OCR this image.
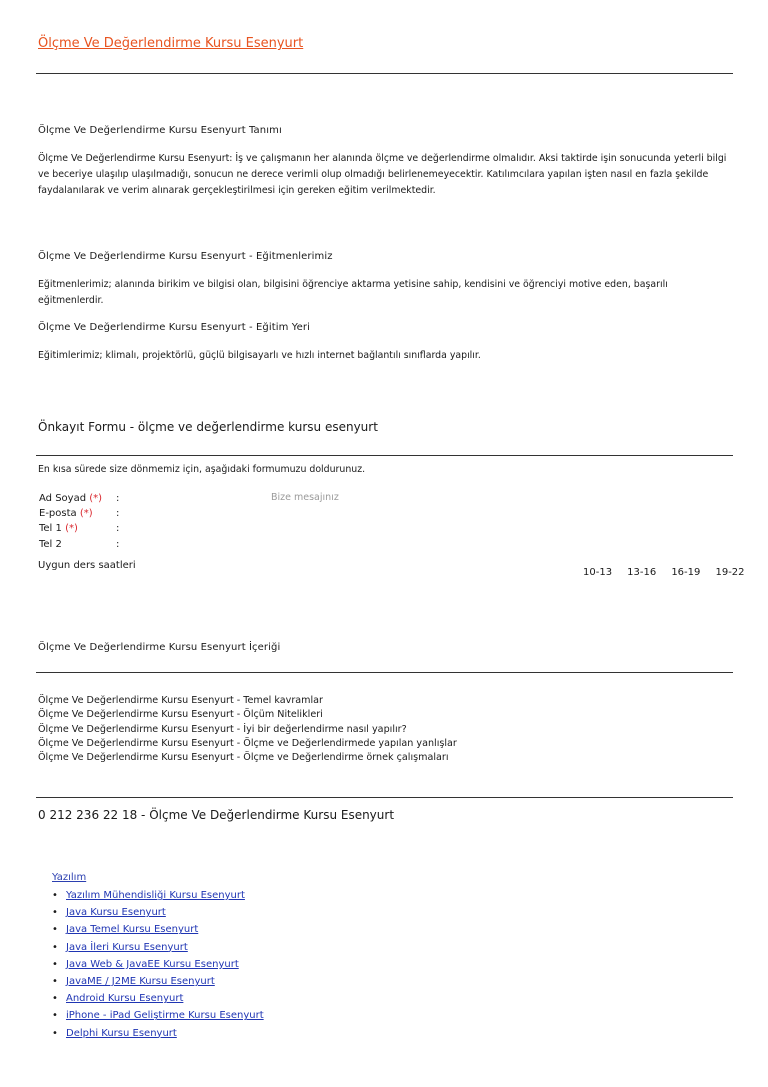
Ölçme Ve Değerlendirme Kursu Esenyurt
Ölçme Ve Değerlendirme Kursu Esenyurt Tanımı
Ölçme Ve Değerlendirme Kursu Esenyurt: İş ve çalışmanın her alanında ölçme ve değerlendirme olmalıdır. Aksi taktirde işin sonucunda yeterli bilgi ve beceriye ulaşılıp ulaşılmadığı, sonucun ne derece verimli olup olmadığı belirlenemeyecektir. Katılımcılara yapılan işten nasıl en fazla şekilde faydalanılarak ve verim alınarak gerçekleştirilmesi için gereken eğitim verilmektedir.
Ölçme Ve Değerlendirme Kursu Esenyurt - Eğitmenlerimiz
Eğitmenlerimiz; alanında birikim ve bilgisi olan, bilgisini öğrenciye aktarma yetisine sahip, kendisini ve öğrenciyi motive eden, başarılı eğitmenlerdir.
Ölçme Ve Değerlendirme Kursu Esenyurt - Eğitim Yeri
Eğitimlerimiz; klimalı, projektörlü, güçlü bilgisayarlı ve hızlı internet bağlantılı sınıflarda yapılır.
Önkayıt Formu - ölçme ve değerlendirme kursu esenyurt
En kısa sürede size dönmemiz için, aşağıdaki formumuzu doldurunuz.
Ad Soyad (*) :
E-posta (*) :
Tel 1 (*)	:
Tel 2	:
Bize mesajınız
Uygun ders saatleri
10-13 13-16 16-19 19-22
Ölçme Ve Değerlendirme Kursu Esenyurt İçeriği
Ölçme Ve Değerlendirme Kursu Esenyurt - Temel kavramlar
Ölçme Ve Değerlendirme Kursu Esenyurt - Ölçüm Nitelikleri
Ölçme Ve Değerlendirme Kursu Esenyurt - İyi bir değerlendirme nasıl yapılır?
Ölçme Ve Değerlendirme Kursu Esenyurt - Ölçme ve Değerlendirmede yapılan yanlışlar
Ölçme Ve Değerlendirme Kursu Esenyurt - Ölçme ve Değerlendirme örnek çalışmaları
0 212 236 22 18 - Ölçme Ve Değerlendirme Kursu Esenyurt
Yazılım
• Yazılım Mühendisliği Kursu Esenyurt
• Java Kursu Esenyurt
• Java Temel Kursu Esenyurt
• Java İleri Kursu Esenyurt
• Java Web & JavaEE Kursu Esenyurt
• JavaME / J2ME Kursu Esenyurt
• Android Kursu Esenyurt
• iPhone - iPad Geliştirme Kursu Esenyurt
• Delphi Kursu Esenyurt
